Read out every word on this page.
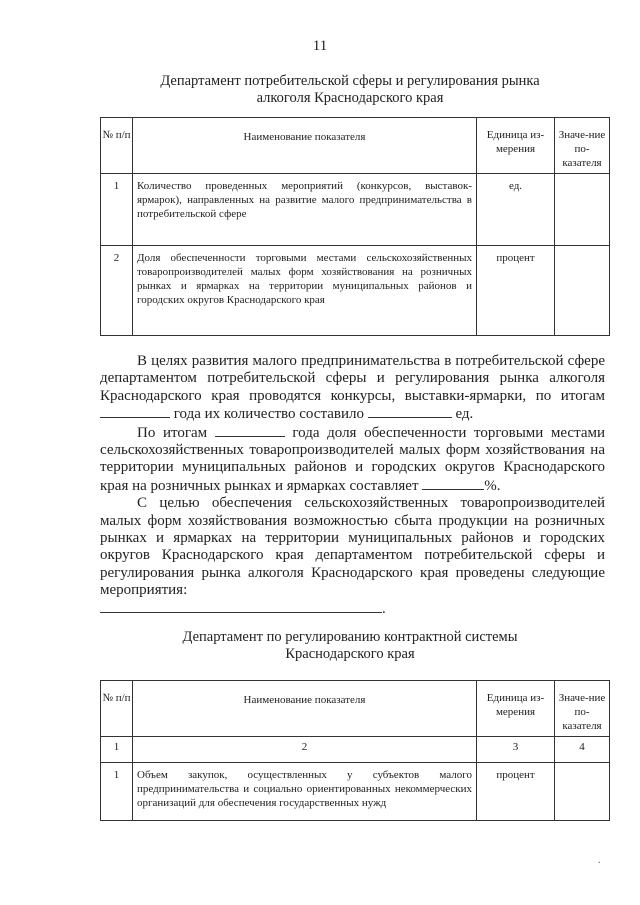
11
Департамент потребительской сферы и регулирования рынка
алкоголя Краснодарского края
№ п/п	Наименование показателя	Единица из-мерения	Значе-ние по-казателя
1	Количество проведенных мероприятий (конкурсов, выставок-ярмарок), направленных на развитие малого предпринимательства в потребительской сфере	ед.	
2	Доля обеспеченности торговыми местами сельскохозяйственных товаропроизводителей малых форм хозяйствования на розничных рынках и ярмарках на территории муниципальных районов и городских округов Краснодарского края	процент	
В целях развития малого предпринимательства в потребительской сфере департаментом потребительской сферы и регулирования рынка алкоголя Краснодарского края проводятся конкурсы, выставки-ярмарки, по итогам  года их количество составило	ед.
По итогам	года доля обеспеченности торговыми местами сельскохозяйственных товаропроизводителей малых форм хозяйствования на территории муниципальных районов и городских округов Краснодарского края на розничных рынках и ярмарках составляет	%.
С целью обеспечения сельскохозяйственных товаропроизводителей малых форм хозяйствования возможностью сбыта продукции на розничных рынках и ярмарках на территории муниципальных районов и городских округов Краснодарского края департаментом потребительской сферы и регулирования рынка алкоголя Краснодарского края проведены следующие мероприятия:
.
Департамент по регулированию контрактной системы
Краснодарского края
№ п/п	Наименование показателя	Единица из-мерения	Значе-ние по-казателя
1	2	3	4
1	Объем закупок, осуществленных у субъектов малого предпринимательства и социально ориентированных некоммерческих организаций для обеспечения государственных нужд	процент	
.
